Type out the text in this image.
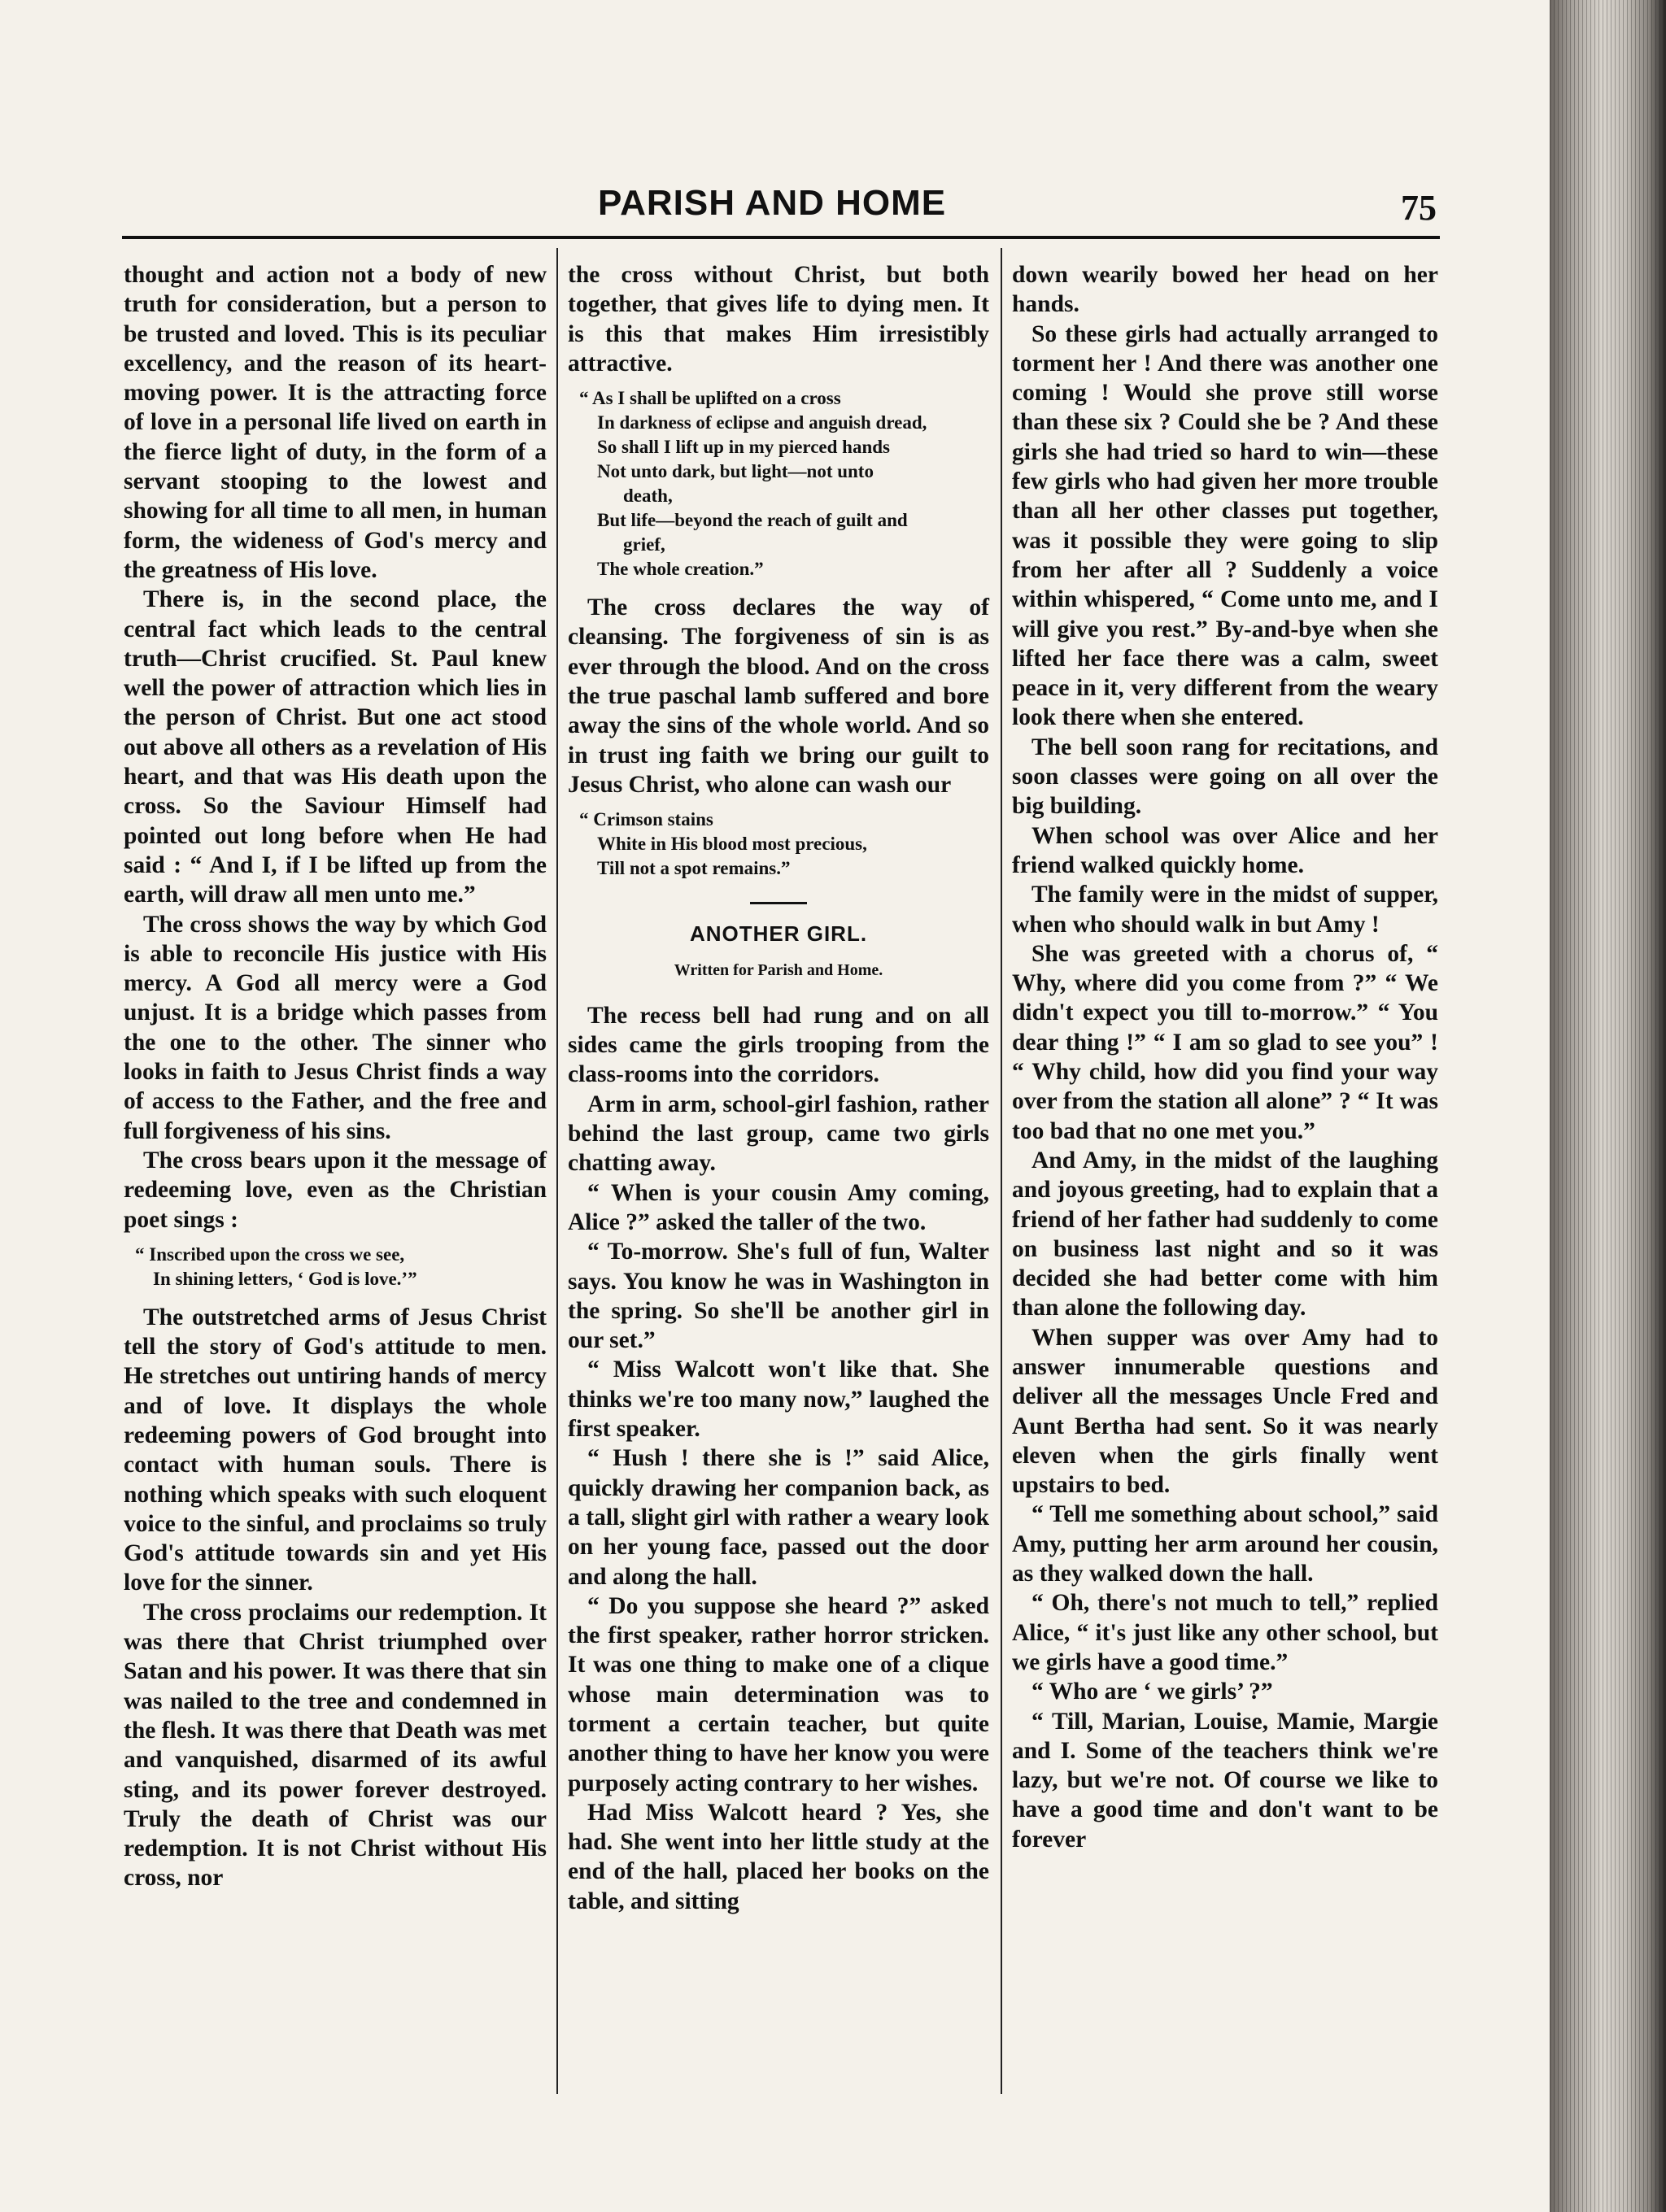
PARISH AND HOME	75

thought and action not a body of new truth for consideration, but a person to be trusted and loved. This is its peculiar excellency, and the reason of its heart-moving power. It is the attracting force of love in a personal life lived on earth in the fierce light of duty, in the form of a servant stooping to the lowest and showing for all time to all men, in human form, the wideness of God's mercy and the greatness of His love.

There is, in the second place, the central fact which leads to the central truth—Christ crucified. St. Paul knew well the power of attraction which lies in the person of Christ. But one act stood out above all others as a revelation of His heart, and that was His death upon the cross. So the Saviour Himself had pointed out long before when He had said : “ And I, if I be lifted up from the earth, will draw all men unto me.”

The cross shows the way by which God is able to reconcile His justice with His mercy. A God all mercy were a God unjust. It is a bridge which passes from the one to the other. The sinner who looks in faith to Jesus Christ finds a way of access to the Father, and the free and full forgiveness of his sins.

The cross bears upon it the message of redeeming love, even as the Christian poet sings :

“ Inscribed upon the cross we see,
In shining letters, ‘ God is love.’”

The outstretched arms of Jesus Christ tell the story of God's attitude to men. He stretches out untiring hands of mercy and of love. It displays the whole redeeming powers of God brought into contact with human souls. There is nothing which speaks with such eloquent voice to the sinful, and proclaims so truly God's attitude towards sin and yet His love for the sinner.

The cross proclaims our redemption. It was there that Christ triumphed over Satan and his power. It was there that sin was nailed to the tree and condemned in the flesh. It was there that Death was met and vanquished, disarmed of its awful sting, and its power forever destroyed. Truly the death of Christ was our redemption. It is not Christ without His cross, nor

the cross without Christ, but both together, that gives life to dying men. It is this that makes Him irresistibly attractive.

“ As I shall be uplifted on a cross
In darkness of eclipse and anguish dread,
So shall I lift up in my pierced hands
Not unto dark, but light—not unto
death,
But life—beyond the reach of guilt and
grief,
The whole creation.”

The cross declares the way of cleansing. The forgiveness of sin is as ever through the blood. And on the cross the true paschal lamb suffered and bore away the sins of the whole world. And so in trust ing faith we bring our guilt to Jesus Christ, who alone can wash our

“ Crimson stains
White in His blood most precious,
Till not a spot remains.”
ANOTHER GIRL.
Written for Parish and Home.

The recess bell had rung and on all sides came the girls trooping from the class-rooms into the corridors.

Arm in arm, school-girl fashion, rather behind the last group, came two girls chatting away.

“ When is your cousin Amy coming, Alice ?” asked the taller of the two.

“ To-morrow. She's full of fun, Walter says. You know he was in Washington in the spring. So she'll be another girl in our set.”

“ Miss Walcott won't like that. She thinks we're too many now,” laughed the first speaker.

“ Hush ! there she is !” said Alice, quickly drawing her companion back, as a tall, slight girl with rather a weary look on her young face, passed out the door and along the hall.

“ Do you suppose she heard ?” asked the first speaker, rather horror stricken. It was one thing to make one of a clique whose main determination was to torment a certain teacher, but quite another thing to have her know you were purposely acting contrary to her wishes.

Had Miss Walcott heard ? Yes, she had. She went into her little study at the end of the hall, placed her books on the table, and sitting

down wearily bowed her head on her hands.

So these girls had actually arranged to torment her ! And there was another one coming ! Would she prove still worse than these six ? Could she be ? And these girls she had tried so hard to win—these few girls who had given her more trouble than all her other classes put together, was it possible they were going to slip from her after all ? Suddenly a voice within whispered, “ Come unto me, and I will give you rest.” By-and-bye when she lifted her face there was a calm, sweet peace in it, very different from the weary look there when she entered.

The bell soon rang for recitations, and soon classes were going on all over the big building.

When school was over Alice and her friend walked quickly home.

The family were in the midst of supper, when who should walk in but Amy !

She was greeted with a chorus of, “ Why, where did you come from ?” “ We didn't expect you till to-morrow.” “ You dear thing !” “ I am so glad to see you” ! “ Why child, how did you find your way over from the station all alone” ? “ It was too bad that no one met you.”

And Amy, in the midst of the laughing and joyous greeting, had to explain that a friend of her father had suddenly to come on business last night and so it was decided she had better come with him than alone the following day.

When supper was over Amy had to answer innumerable questions and deliver all the messages Uncle Fred and Aunt Bertha had sent. So it was nearly eleven when the girls finally went upstairs to bed.

“ Tell me something about school,” said Amy, putting her arm around her cousin, as they walked down the hall.

“ Oh, there's not much to tell,” replied Alice, “ it's just like any other school, but we girls have a good time.”

“ Who are ‘ we girls’ ?”

“ Till, Marian, Louise, Mamie, Margie and I. Some of the teachers think we're lazy, but we're not. Of course we like to have a good time and don't want to be forever
